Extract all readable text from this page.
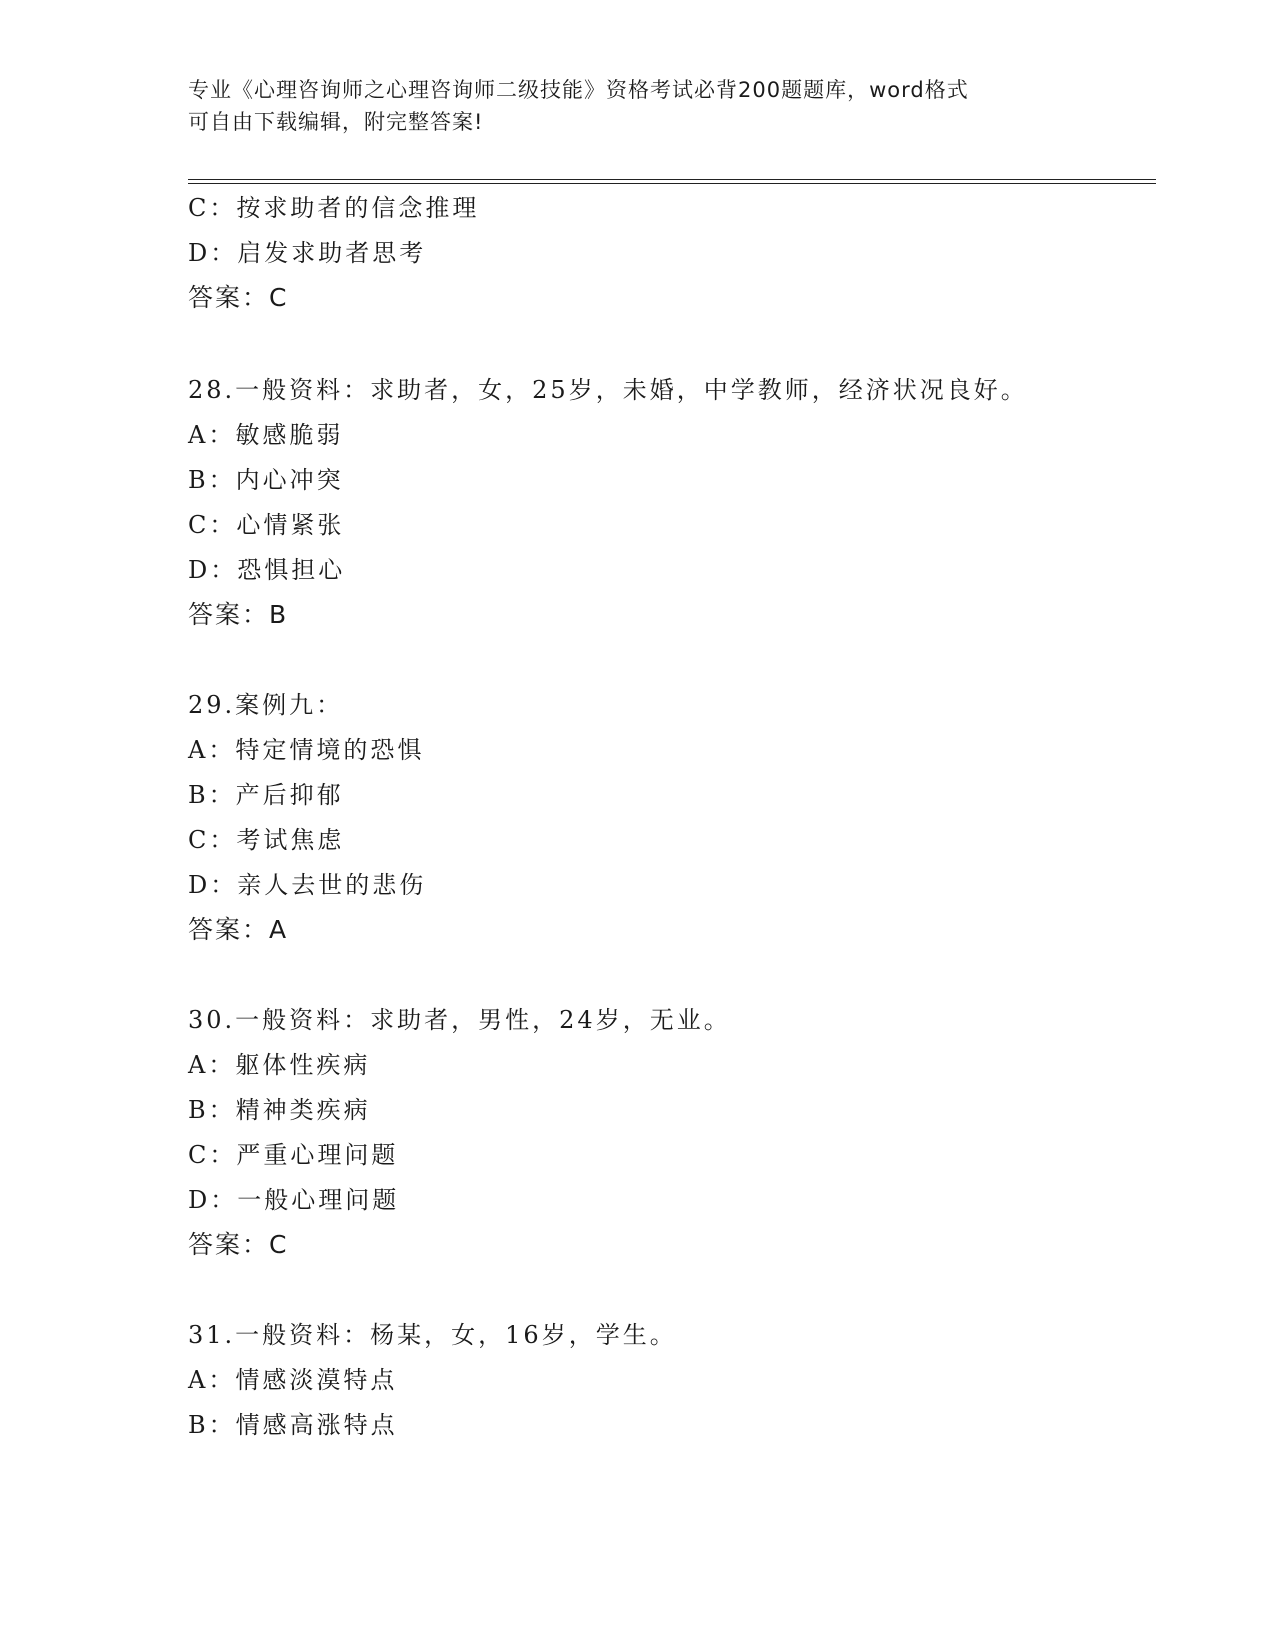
专业《心理咨询师之心理咨询师二级技能》资格考试必背200题题库，word格式
可自由下载编辑，附完整答案!
C：按求助者的信念推理
D：启发求助者思考
答案：C
28.一般资料：求助者，女，25岁，未婚，中学教师，经济状况良好。
A：敏感脆弱
B：内心冲突
C：心情紧张
D：恐惧担心
答案：B
29.案例九：
A：特定情境的恐惧
B：产后抑郁
C：考试焦虑
D：亲人去世的悲伤
答案：A
30.一般资料：求助者，男性，24岁，无业。
A：躯体性疾病
B：精神类疾病
C：严重心理问题
D：一般心理问题
答案：C
31.一般资料：杨某，女，16岁，学生。
A：情感淡漠特点
B：情感高涨特点
